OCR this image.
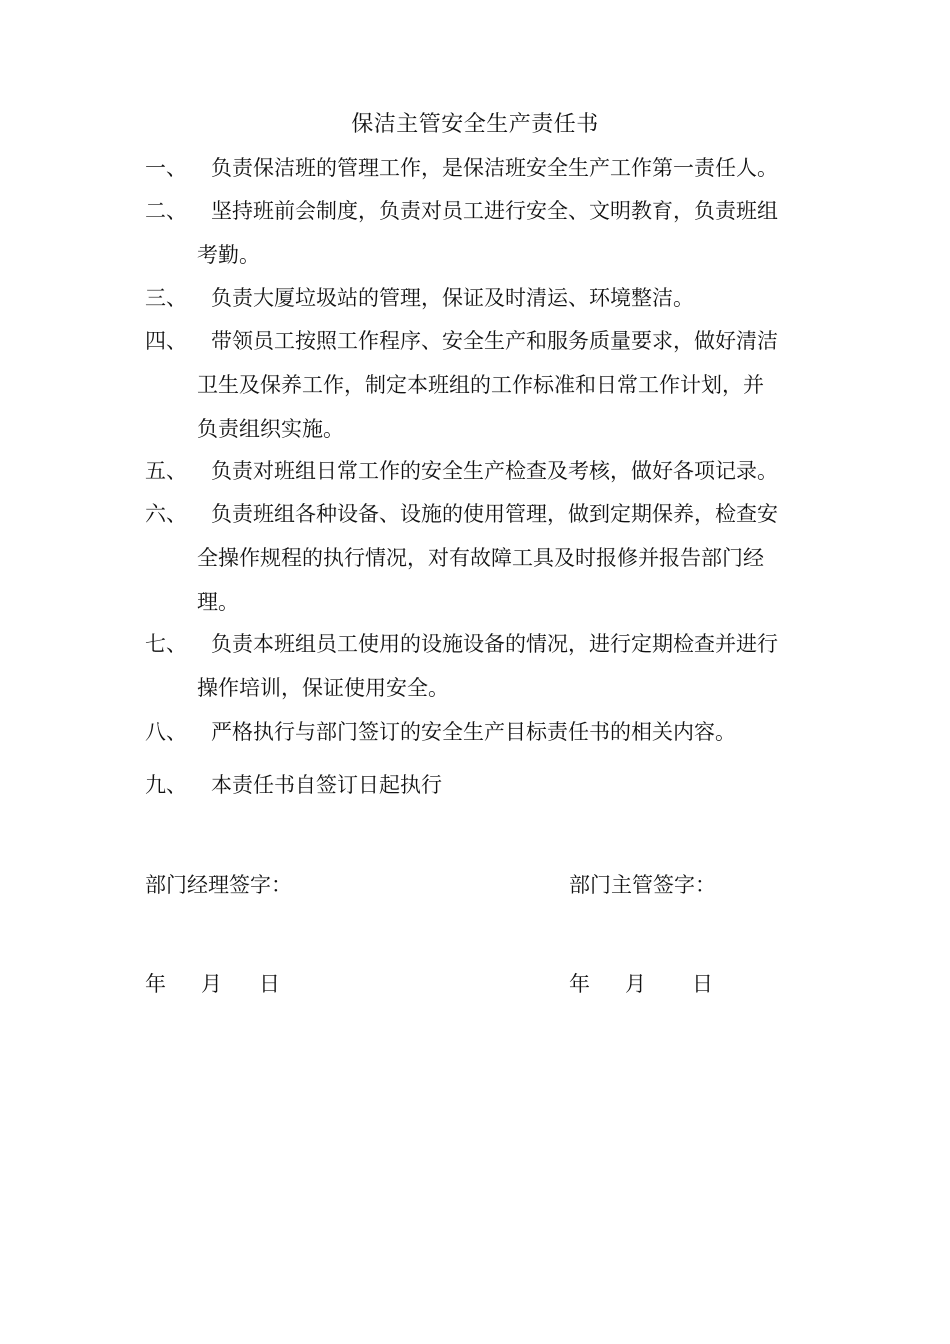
保洁主管安全生产责任书
一、	负责保洁班的管理工作，是保洁班安全生产工作第一责任人。
二、	坚持班前会制度，负责对员工进行安全、文明教育，负责班组
考勤。
三、	负责大厦垃圾站的管理，保证及时清运、环境整洁。
四、	带领员工按照工作程序、安全生产和服务质量要求，做好清洁
卫生及保养工作，制定本班组的工作标准和日常工作计划，并
负责组织实施。
五、	负责对班组日常工作的安全生产检查及考核，做好各项记录。
六、	负责班组各种设备、设施的使用管理，做到定期保养，检查安
全操作规程的执行情况，对有故障工具及时报修并报告部门经
理。
七、	负责本班组员工使用的设施设备的情况，进行定期检查并进行
操作培训，保证使用安全。
八、	严格执行与部门签订的安全生产目标责任书的相关内容。
九、	本责任书自签订日起执行
部门经理签字：	部门主管签字：
年 月 日	年 月 日
